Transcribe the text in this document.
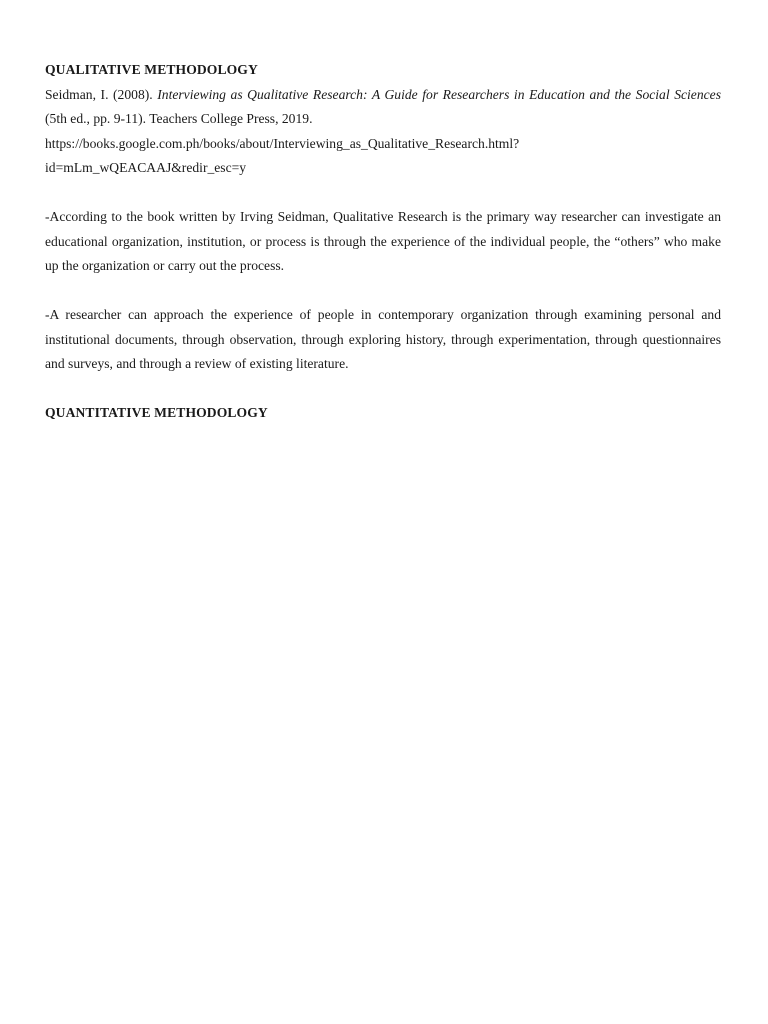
QUALITATIVE METHODOLOGY

Seidman, I. (2008). Interviewing as Qualitative Research: A Guide for Researchers in Education and the Social Sciences (5th ed., pp. 9-11). Teachers College Press, 2019.
https://books.google.com.ph/books/about/Interviewing_as_Qualitative_Research.html?
id=mLm_wQEACAAJ&redir_esc=y

-According to the book written by Irving Seidman, Qualitative Research is the primary way researcher can investigate an educational organization, institution, or process is through the experience of the individual people, the “others” who make up the organization or carry out the process.

-A researcher can approach the experience of people in contemporary organization through examining personal and institutional documents, through observation, through exploring history, through experimentation, through questionnaires and surveys, and through a review of existing literature.

QUANTITATIVE METHODOLOGY
